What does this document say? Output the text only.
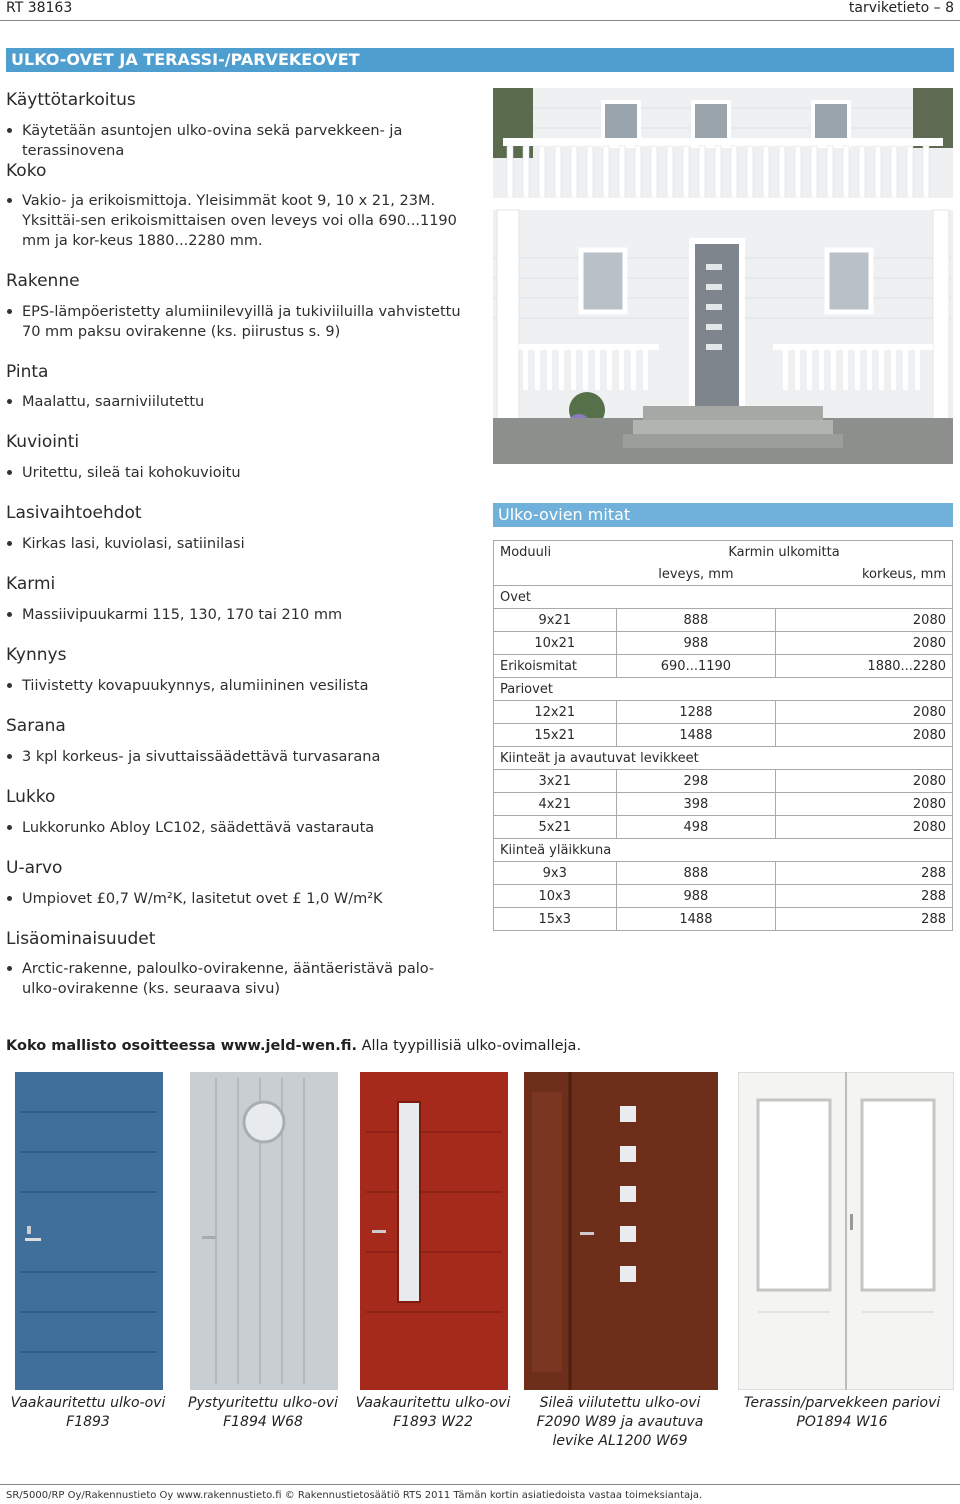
RT 38163	tarviketieto – 8
ULKO-OVET JA TERASSI-/PARVEKEOVET
Käyttötarkoitus
Käytetään asuntojen ulko-ovina sekä parvekkeen- ja terassinovena
Koko
Vakio- ja erikoismittoja. Yleisimmät koot 9, 10 x 21, 23M. Yksittäi-sen erikoismittaisen oven leveys voi olla 690...1190 mm ja kor-keus 1880...2280 mm.
Rakenne
EPS-lämpöeristetty alumiinilevyillä ja tukiviiluilla vahvistettu 70 mm paksu ovirakenne (ks. piirustus s. 9)
Pinta
Maalattu, saarniviilutettu
Kuviointi
Uritettu, sileä tai kohokuvioitu
Lasivaihtoehdot
Kirkas lasi, kuviolasi, satiinilasi
Karmi
Massiivipuukarmi 115, 130, 170 tai 210 mm
Kynnys
Tiivistetty kovapuukynnys, alumiininen vesilista
Sarana
3 kpl korkeus- ja sivuttaissäädettävä turvasarana
Lukko
Lukkorunko Abloy LC102, säädettävä vastarauta
U-arvo
Umpiovet £0,7 W/m²K, lasitetut ovet £ 1,0 W/m²K
Lisäominaisuudet
Arctic-rakenne, paloulko-ovirakenne, ääntäeristävä palo-ulko-ovirakenne (ks. seuraava sivu)
Ulko-ovien mitat
Moduuli	Karmin ulkomitta	
	leveys, mm	korkeus, mm
Ovet		
9x21	888	2080
10x21	988	2080
Erikoismitat	690...1190	1880...2280
Pariovet		
12x21	1288	2080
15x21	1488	2080
Kiinteät ja avautuvat levikkeet		
3x21	298	2080
4x21	398	2080
5x21	498	2080
Kiinteä yläikkuna		
9x3	888	288
10x3	988	288
15x3	1488	288
Koko mallisto osoitteessa www.jeld-wen.fi. Alla tyypillisiä ulko-ovimalleja.
Vaakauritettu ulko-ovi
F1893
Pystyuritettu ulko-ovi
F1894 W68
Vaakauritettu ulko-ovi
F1893 W22
Sileä viilutettu ulko-ovi
F2090 W89 ja avautuva
levike AL1200 W69
Terassin/parvekkeen pariovi
PO1894 W16
SR/5000/RP Oy/Rakennustieto Oy www.rakennustieto.fi © Rakennustietosäätiö RTS 2011 Tämän kortin asiatiedoista vastaa toimeksiantaja.
